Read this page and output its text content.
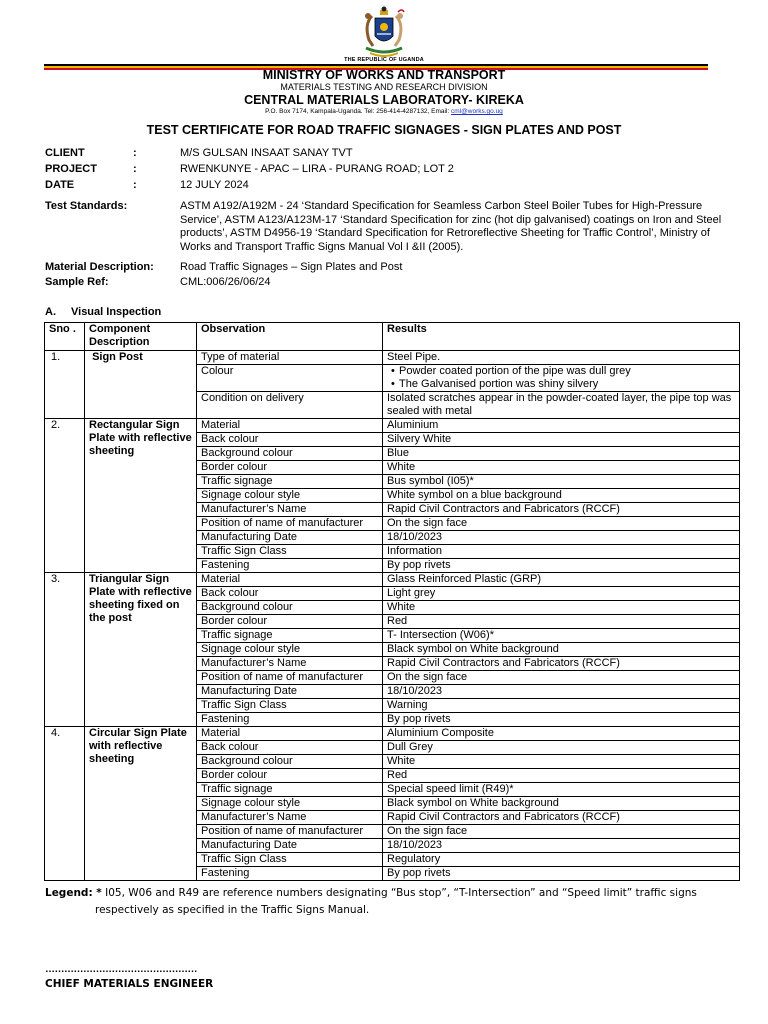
THE REPUBLIC OF UGANDA
MINISTRY OF WORKS AND TRANSPORT
MATERIALS TESTING AND RESEARCH DIVISION
CENTRAL MATERIALS LABORATORY- KIREKA
P.O. Box 7174, Kampala-Uganda. Tel: 256-414-4287132, Email: cml@works.go.ug
TEST CERTIFICATE FOR ROAD TRAFFIC SIGNAGES - SIGN PLATES AND POST
CLIENT	:	M/S GULSAN INSAAT SANAY TVT
PROJECT	:	RWENKUNYE - APAC – LIRA - PURANG ROAD; LOT 2
DATE	:	12 JULY 2024
Test Standards:	ASTM A192/A192M - 24 ‘Standard Specification for Seamless Carbon Steel Boiler Tubes for High-Pressure Service’, ASTM A123/A123M-17 ‘Standard Specification for zinc (hot dip galvanised) coatings on Iron and Steel products’, ASTM D4956-19 ‘Standard Specification for Retroreflective Sheeting for Traffic Control’, Ministry of Works and Transport Traffic Signs Manual Vol I &II (2005).
Material Description: Road Traffic Signages – Sign Plates and Post
Sample Ref:	CML:006/26/06/24
A. Visual Inspection
Sno .	Component Description	Observation	Results
1.	Sign Post	Type of material	Steel Pipe.
		Colour	• Powder coated portion of the pipe was dull grey
• The Galvanised portion was shiny silvery

		Condition on delivery	Isolated scratches appear in the powder-coated layer, the pipe top was sealed with metal
2.	Rectangular Sign Plate with reflective sheeting	Material	Aluminium
		Back colour	Silvery White
		Background colour	Blue
		Border colour	White
		Traffic signage	Bus symbol (I05)*
		Signage colour style	White symbol on a blue background
		Manufacturer’s Name	Rapid Civil Contractors and Fabricators (RCCF)
		Position of name of manufacturer	On the sign face
		Manufacturing Date	18/10/2023
		Traffic Sign Class	Information
		Fastening	By pop rivets
3.	Triangular Sign Plate with reflective sheeting fixed on the post	Material	Glass Reinforced Plastic (GRP)
		Back colour	Light grey
		Background colour	White
		Border colour	Red
		Traffic signage	T- Intersection (W06)*
		Signage colour style	Black symbol on White background
		Manufacturer’s Name	Rapid Civil Contractors and Fabricators (RCCF)
		Position of name of manufacturer	On the sign face
		Manufacturing Date	18/10/2023
		Traffic Sign Class	Warning
		Fastening	By pop rivets
4.	Circular Sign Plate with reflective sheeting	Material	Aluminium Composite
		Back colour	Dull Grey
		Background colour	White
		Border colour	Red
		Traffic signage	Special speed limit (R49)*
		Signage colour style	Black symbol on White background
		Manufacturer’s Name	Rapid Civil Contractors and Fabricators (RCCF)
		Position of name of manufacturer	On the sign face
		Manufacturing Date	18/10/2023
		Traffic Sign Class	Regulatory
		Fastening	By pop rivets
Legend: * I05, W06 and R49 are reference numbers designating “Bus stop”, “T-Intersection” and “Speed limit” traffic signs
respectively as specified in the Traffic Signs Manual.
…………………………………………
CHIEF MATERIALS ENGINEER
